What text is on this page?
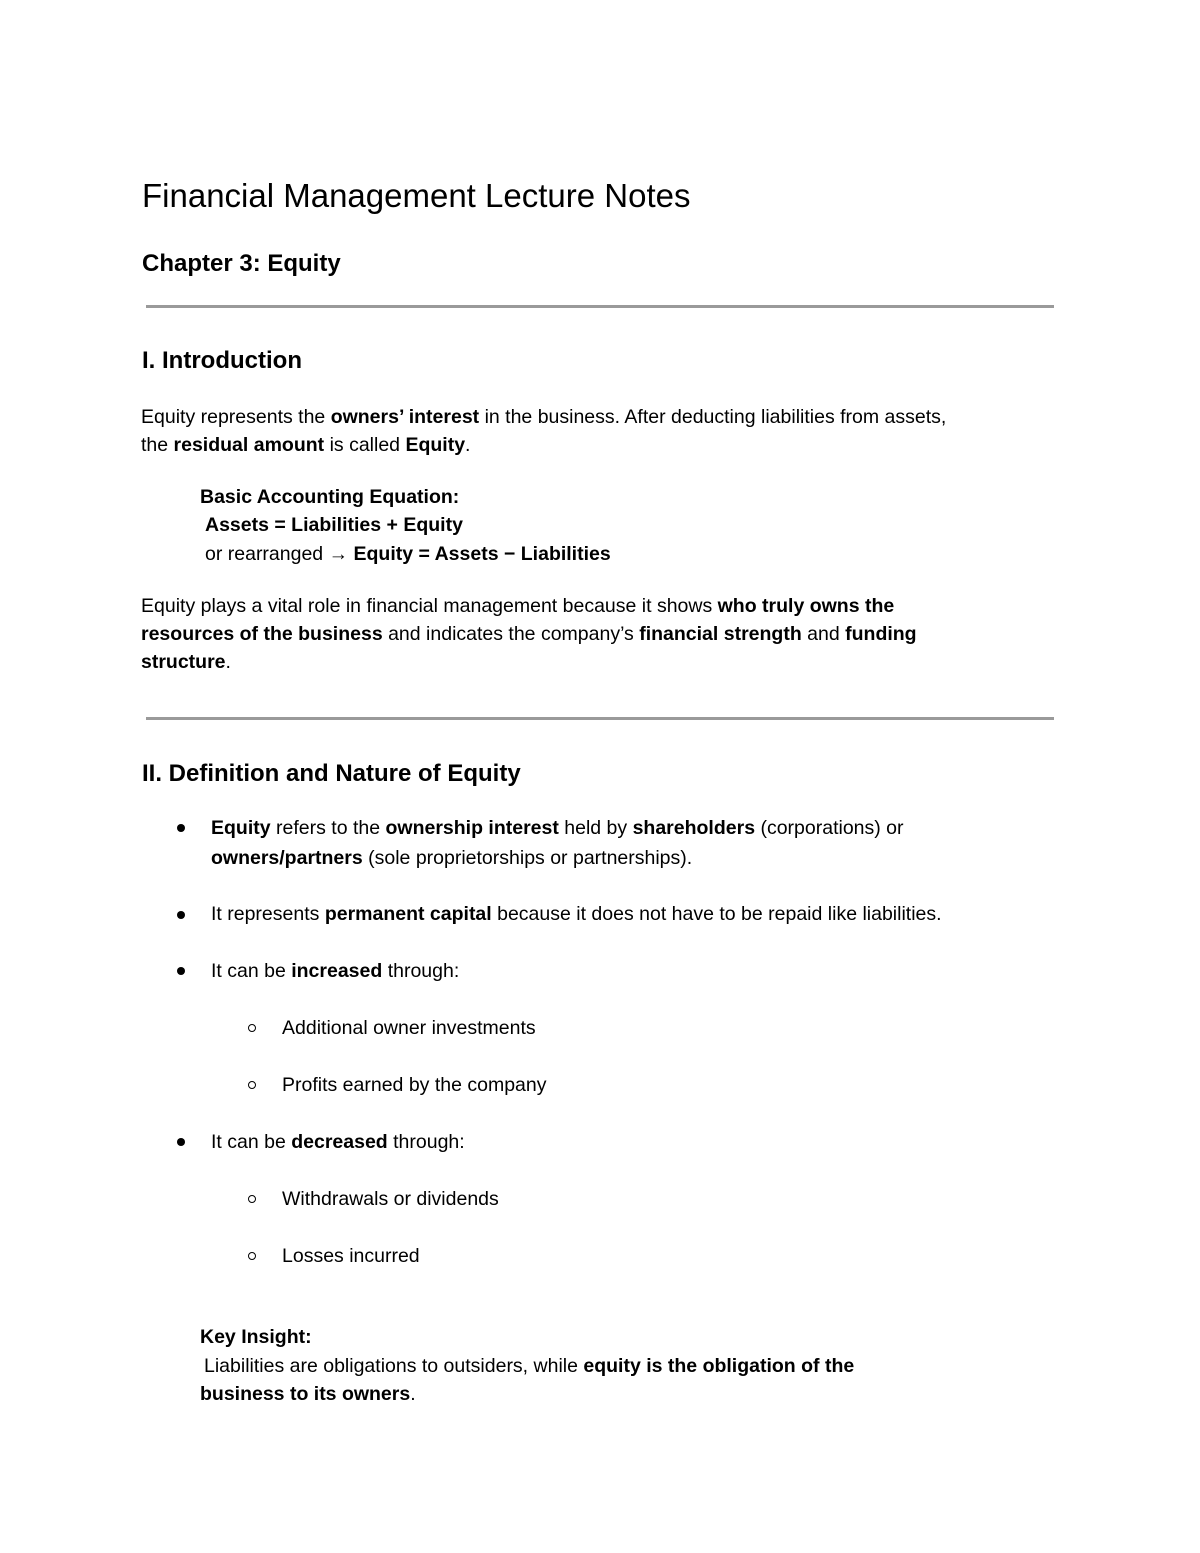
Financial Management Lecture Notes
Chapter 3: Equity
I. Introduction
Equity represents the owners’ interest in the business. After deducting liabilities from assets,
the residual amount is called Equity.
Basic Accounting Equation:
Assets = Liabilities + Equity
or rearranged → Equity = Assets − Liabilities
Equity plays a vital role in financial management because it shows who truly owns the
resources of the business and indicates the company’s financial strength and funding
structure.
II. Definition and Nature of Equity
Equity refers to the ownership interest held by shareholders (corporations) or
owners/partners (sole proprietorships or partnerships).
It represents permanent capital because it does not have to be repaid like liabilities.
It can be increased through:
Additional owner investments
Profits earned by the company
It can be decreased through:
Withdrawals or dividends
Losses incurred
Key Insight:
Liabilities are obligations to outsiders, while equity is the obligation of the
business to its owners.
